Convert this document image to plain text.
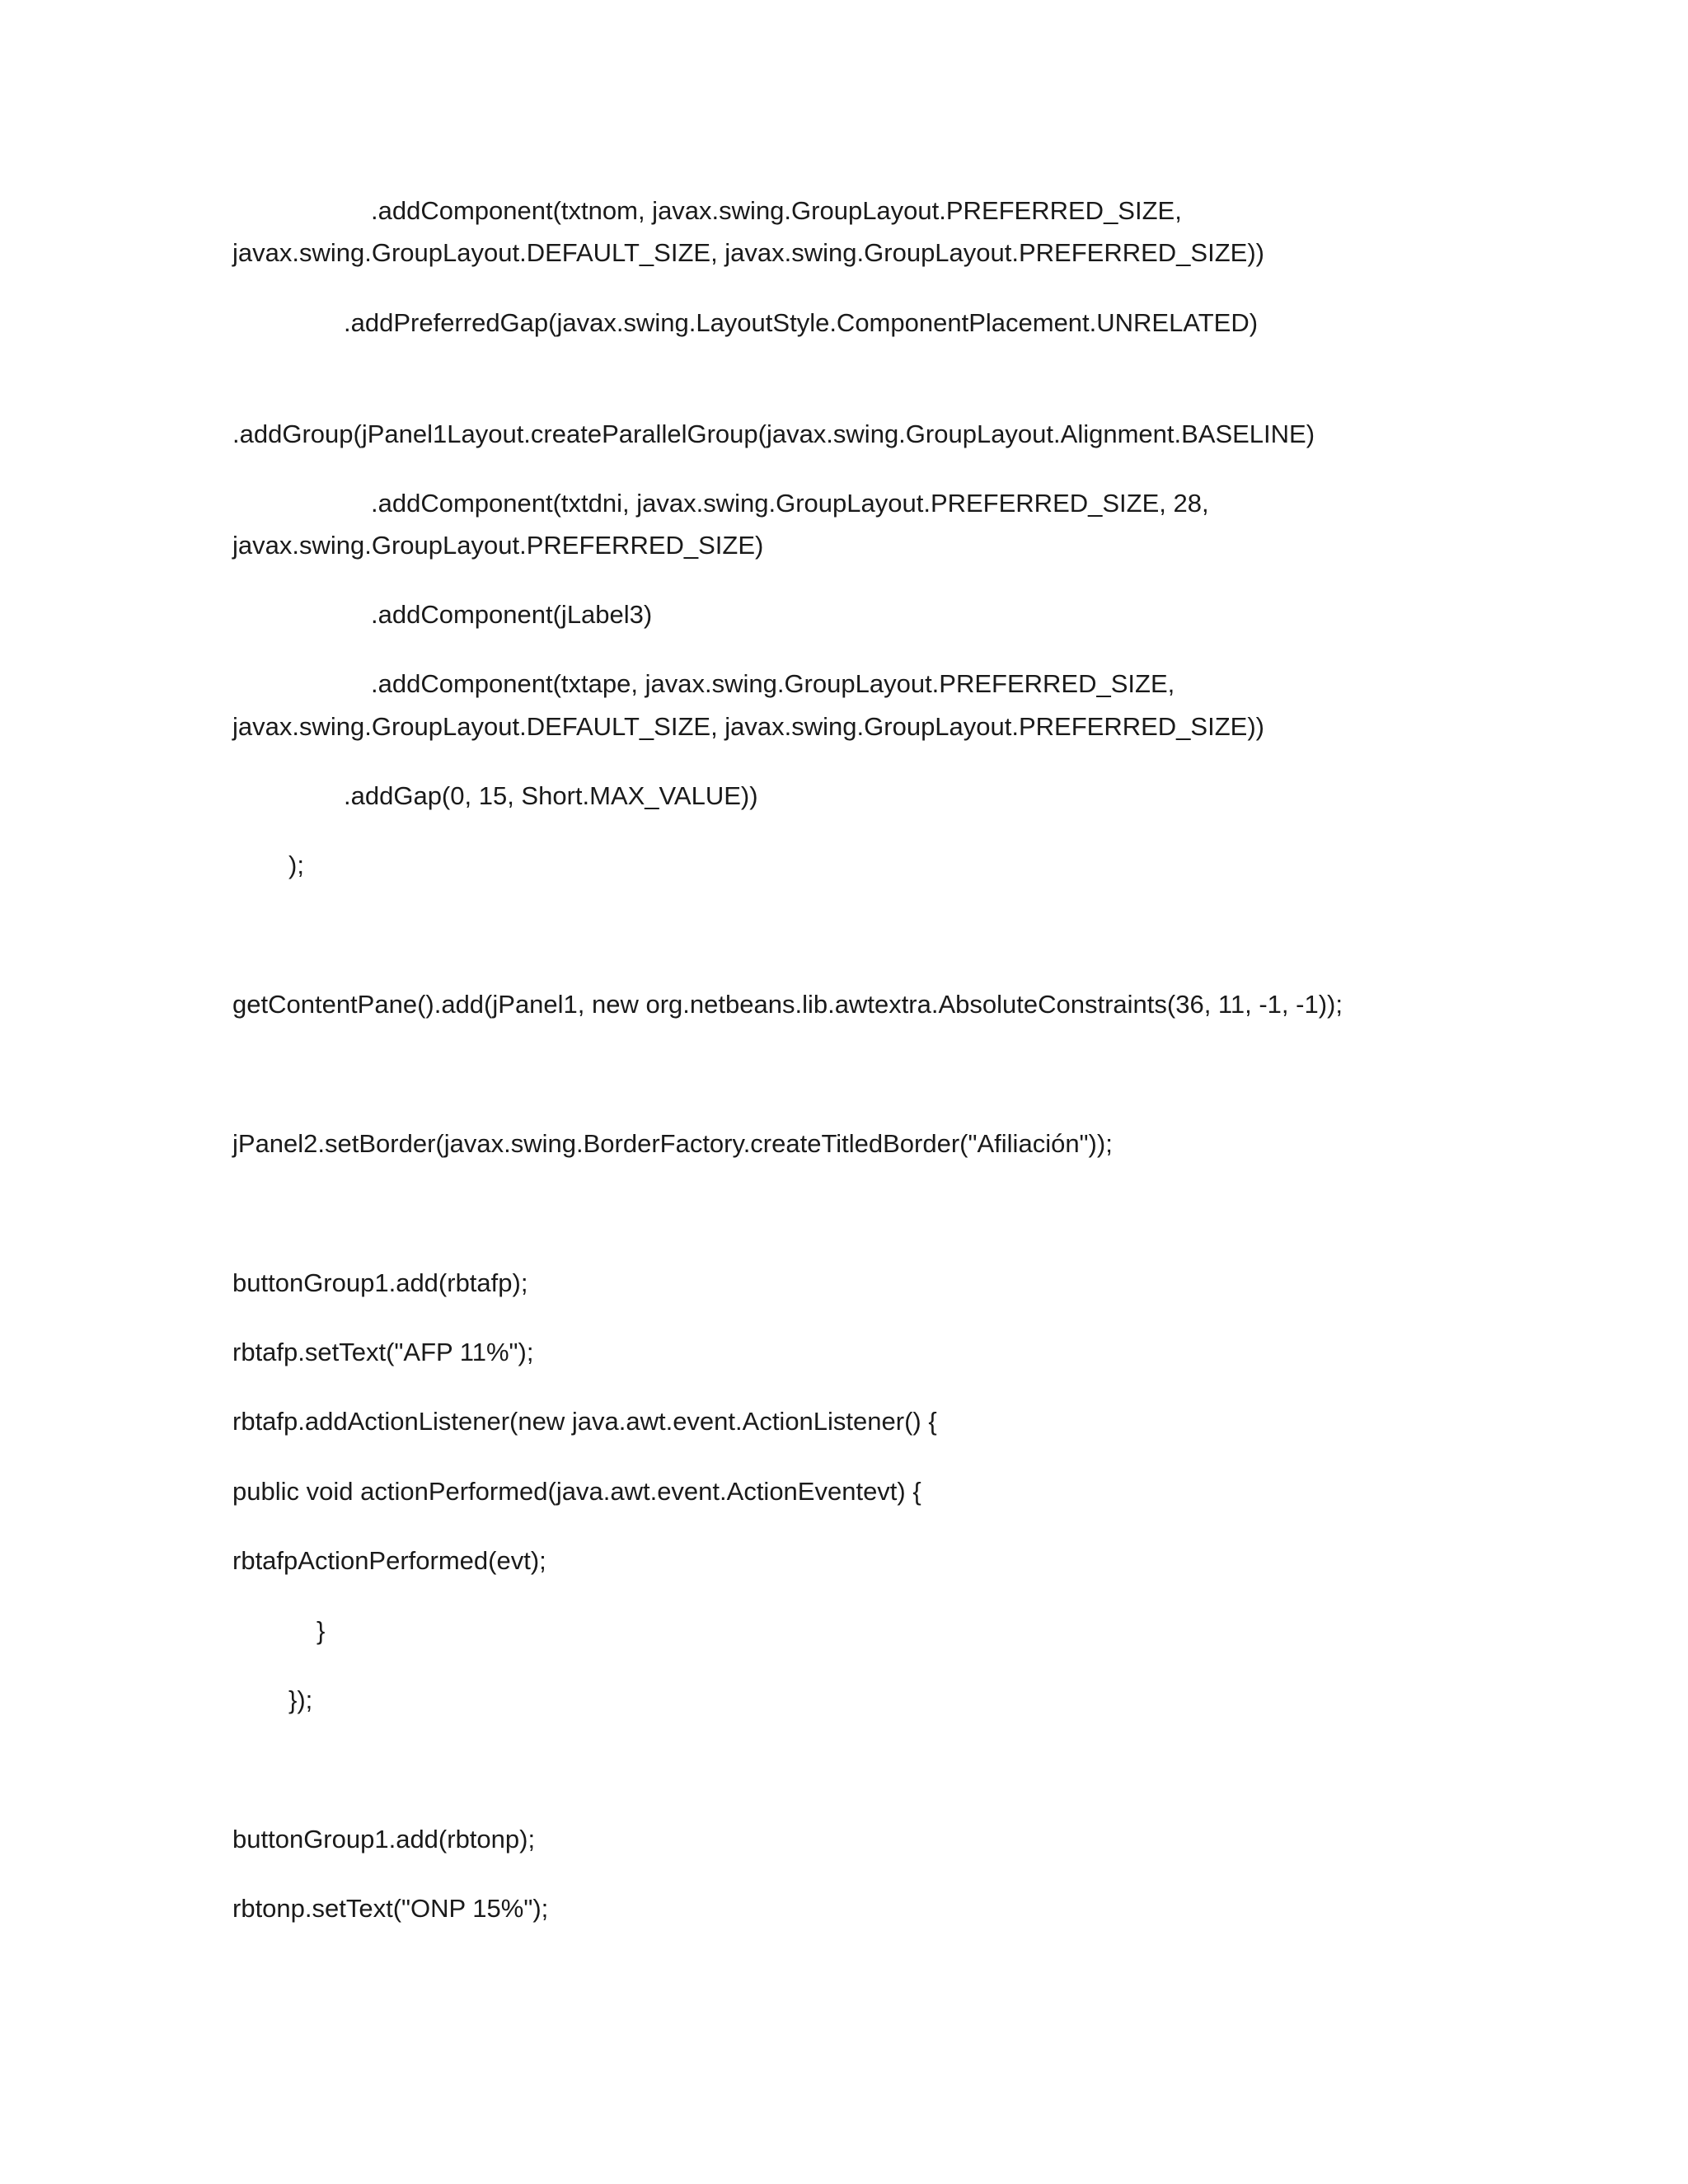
.addComponent(txtnom, javax.swing.GroupLayout.PREFERRED_SIZE,
javax.swing.GroupLayout.DEFAULT_SIZE, javax.swing.GroupLayout.PREFERRED_SIZE))
.addPreferredGap(javax.swing.LayoutStyle.ComponentPlacement.UNRELATED)
.addGroup(jPanel1Layout.createParallelGroup(javax.swing.GroupLayout.Alignment.BASELINE)
.addComponent(txtdni, javax.swing.GroupLayout.PREFERRED_SIZE, 28,
javax.swing.GroupLayout.PREFERRED_SIZE)
.addComponent(jLabel3)
.addComponent(txtape, javax.swing.GroupLayout.PREFERRED_SIZE,
javax.swing.GroupLayout.DEFAULT_SIZE, javax.swing.GroupLayout.PREFERRED_SIZE))
.addGap(0, 15, Short.MAX_VALUE))
);
getContentPane().add(jPanel1, new org.netbeans.lib.awtextra.AbsoluteConstraints(36, 11, -1, -1));
jPanel2.setBorder(javax.swing.BorderFactory.createTitledBorder("Afiliación"));
buttonGroup1.add(rbtafp);
rbtafp.setText("AFP 11%");
rbtafp.addActionListener(new java.awt.event.ActionListener() {
public void actionPerformed(java.awt.event.ActionEventevt) {
rbtafpActionPerformed(evt);
}
});
buttonGroup1.add(rbtonp);
rbtonp.setText("ONP 15%");
